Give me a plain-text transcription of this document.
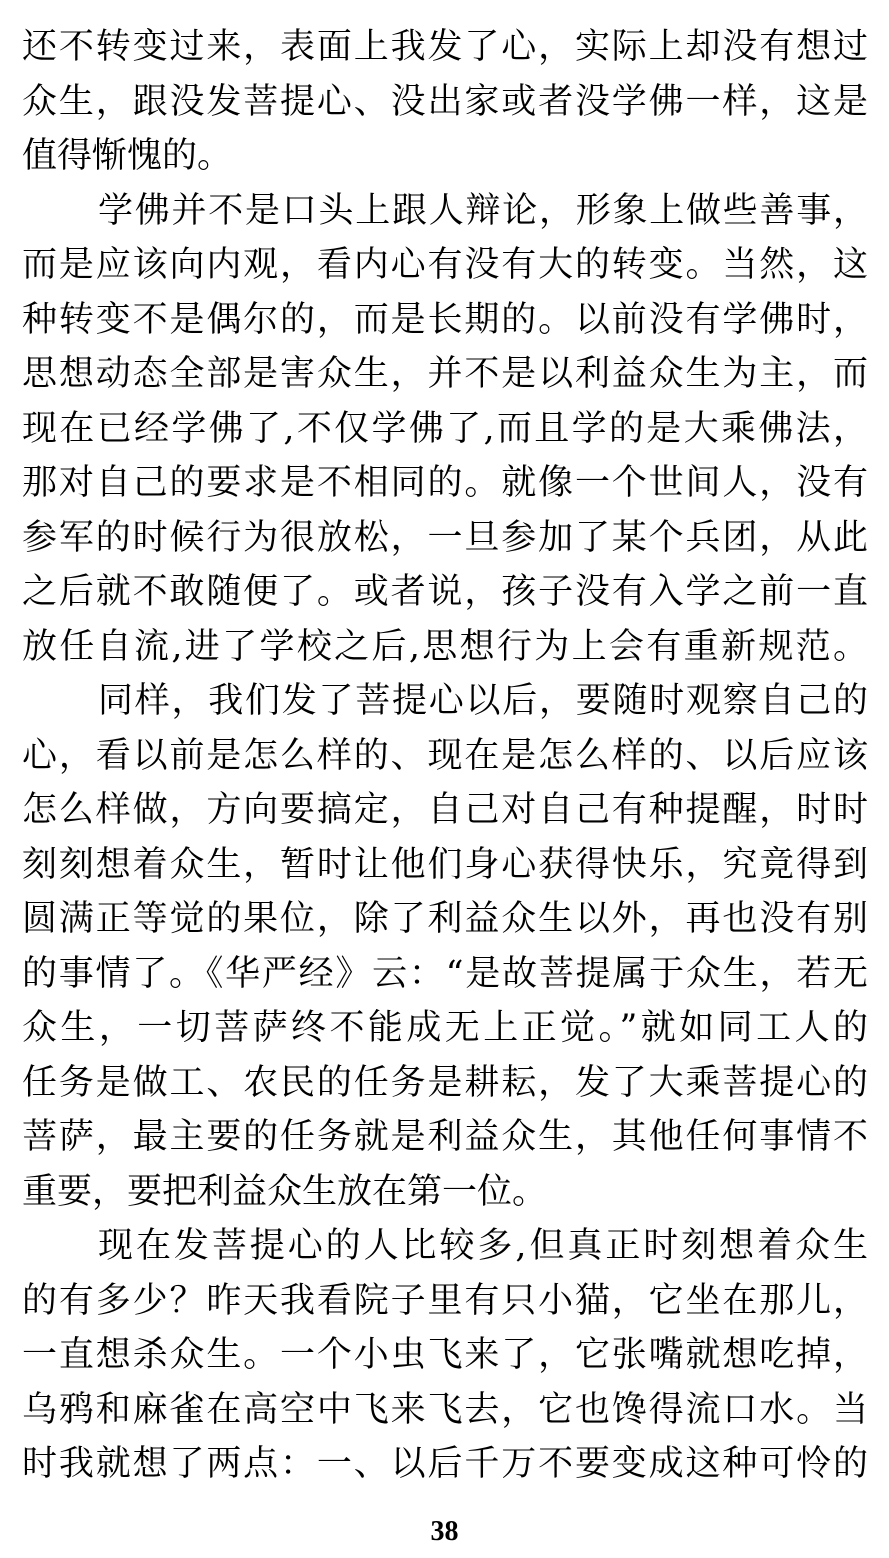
还不转变过来，表面上我发了心，实际上却没有想过
众生，跟没发菩提心、没出家或者没学佛一样，这是
值得惭愧的。
学佛并不是口头上跟人辩论，形象上做些善事，
而是应该向内观，看内心有没有大的转变。当然，这
种转变不是偶尔的，而是长期的。以前没有学佛时，
思想动态全部是害众生，并不是以利益众生为主，而
现在已经学佛了,不仅学佛了,而且学的是大乘佛法，
那对自己的要求是不相同的。就像一个世间人，没有
参军的时候行为很放松，一旦参加了某个兵团，从此
之后就不敢随便了。或者说，孩子没有入学之前一直
放任自流,进了学校之后,思想行为上会有重新规范。
同样，我们发了菩提心以后，要随时观察自己的
心，看以前是怎么样的、现在是怎么样的、以后应该
怎么样做，方向要搞定，自己对自己有种提醒，时时
刻刻想着众生，暂时让他们身心获得快乐，究竟得到
圆满正等觉的果位，除了利益众生以外，再也没有别
的事情了。《华严经》云：“是故菩提属于众生，若无
众生，一切菩萨终不能成无上正觉。”就如同工人的
任务是做工、农民的任务是耕耘，发了大乘菩提心的
菩萨，最主要的任务就是利益众生，其他任何事情不
重要，要把利益众生放在第一位。
现在发菩提心的人比较多,但真正时刻想着众生
的有多少？昨天我看院子里有只小猫，它坐在那儿，
一直想杀众生。一个小虫飞来了，它张嘴就想吃掉，
乌鸦和麻雀在高空中飞来飞去，它也馋得流口水。当
时我就想了两点：一、以后千万不要变成这种可怜的
38
